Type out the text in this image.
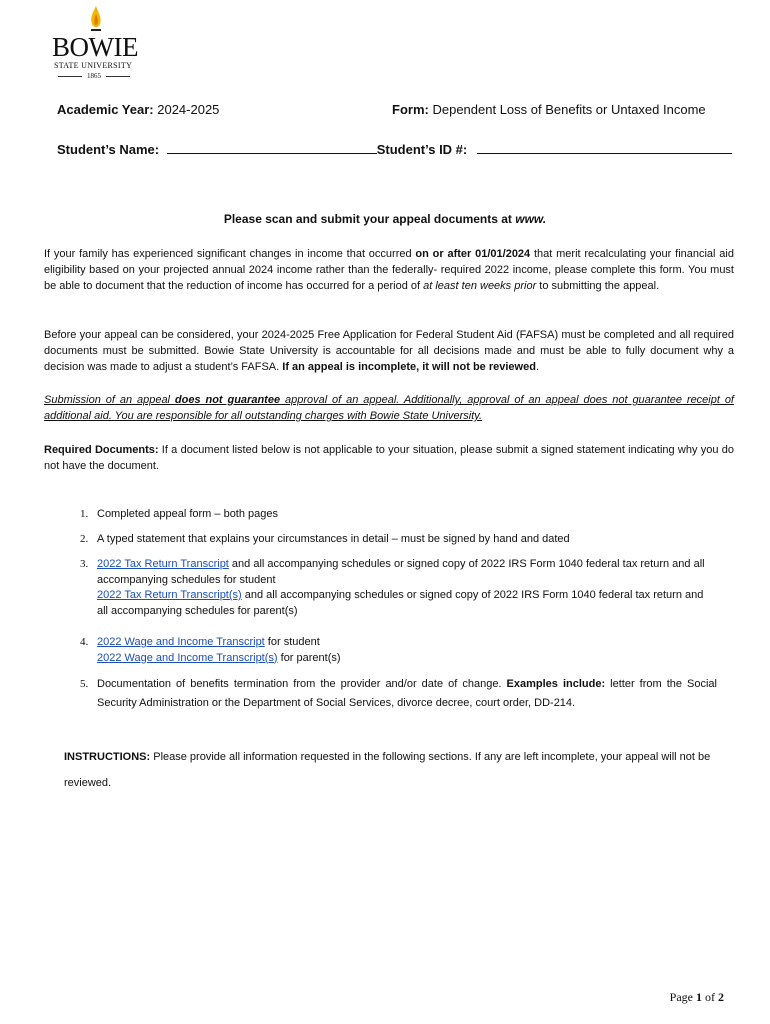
BOWIE
STATE UNIVERSITY
1865
Academic Year: 2024-2025	Form: Dependent Loss of Benefits or Untaxed Income
Student’s Name:	Student’s ID #:
Please scan and submit your appeal documents at www.
If your family has experienced significant changes in income that occurred on or after 01/01/2024 that merit recalculating your financial aid eligibility based on your projected annual 2024 income rather than the federally- required 2022 income, please complete this form. You must be able to document that the reduction of income has occurred for a period of at least ten weeks prior to submitting the appeal.
Before your appeal can be considered, your 2024-2025 Free Application for Federal Student Aid (FAFSA) must be completed and all required documents must be submitted. Bowie State University is accountable for all decisions made and must be able to fully document why a decision was made to adjust a student’s FAFSA. If an appeal is incomplete, it will not be reviewed.
Submission of an appeal does not guarantee approval of an appeal. Additionally, approval of an appeal does not guarantee receipt of additional aid. You are responsible for all outstanding charges with Bowie State University.
Required Documents: If a document listed below is not applicable to your situation, please submit a signed statement indicating why you do not have the document.
1. Completed appeal form – both pages
2. A typed statement that explains your circumstances in detail – must be signed by hand and dated
3. 2022 Tax Return Transcript and all accompanying schedules or signed copy of 2022 IRS Form 1040 federal tax return and all accompanying schedules for student
2022 Tax Return Transcript(s) and all accompanying schedules or signed copy of 2022 IRS Form 1040 federal tax return and all accompanying schedules for parent(s)
4. 2022 Wage and Income Transcript for student
2022 Wage and Income Transcript(s) for parent(s)
5. Documentation of benefits termination from the provider and/or date of change. Examples include: letter from the Social Security Administration or the Department of Social Services, divorce decree, court order, DD-214.
INSTRUCTIONS: Please provide all information requested in the following sections. If any are left incomplete, your appeal will not be reviewed.
Page 1 of 2
